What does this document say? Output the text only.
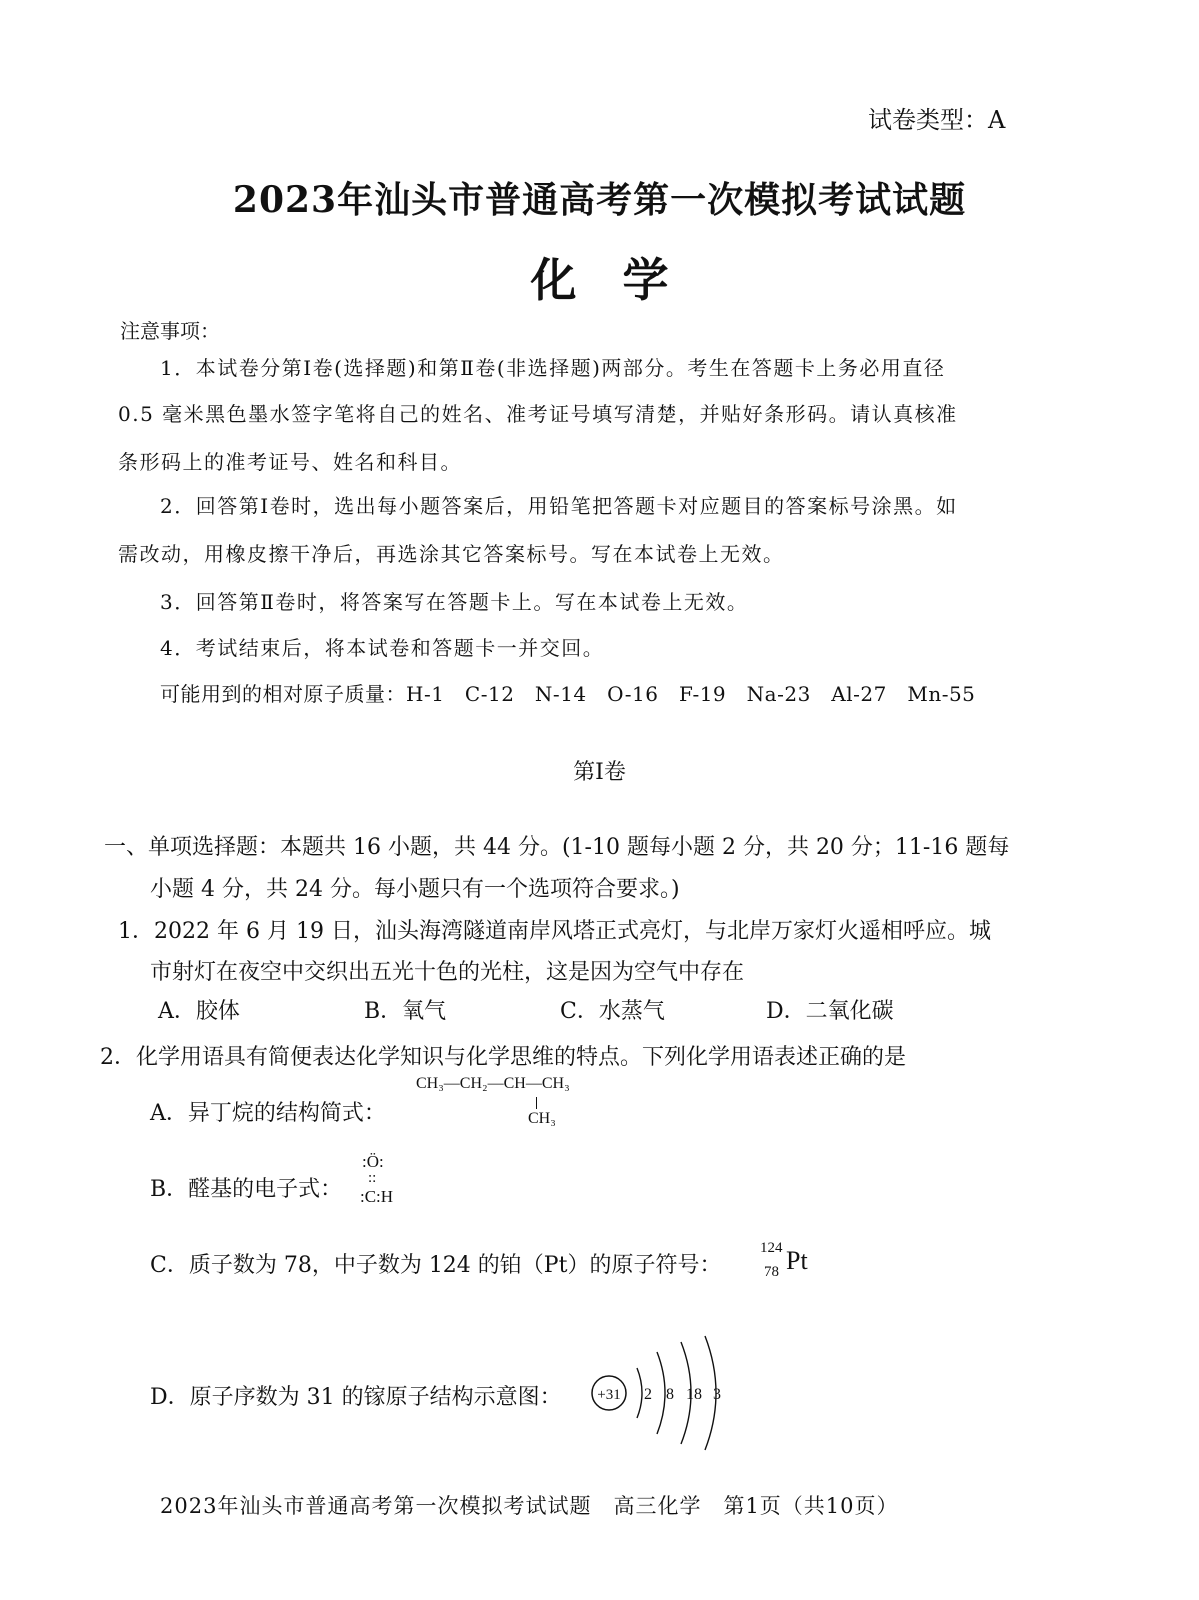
试卷类型：A
2023年汕头市普通高考第一次模拟考试试题
化　学
注意事项：
1．本试卷分第Ⅰ卷(选择题)和第Ⅱ卷(非选择题)两部分。考生在答题卡上务必用直径
0.5 毫米黑色墨水签字笔将自己的姓名、准考证号填写清楚，并贴好条形码。请认真核准
条形码上的准考证号、姓名和科目。
2．回答第Ⅰ卷时，选出每小题答案后，用铅笔把答题卡对应题目的答案标号涂黑。如
需改动，用橡皮擦干净后，再选涂其它答案标号。写在本试卷上无效。
3．回答第Ⅱ卷时，将答案写在答题卡上。写在本试卷上无效。
4．考试结束后，将本试卷和答题卡一并交回。
可能用到的相对原子质量：H-1　C-12　N-14　O-16　F-19　Na-23　Al-27　Mn-55
第Ⅰ卷
一、单项选择题：本题共 16 小题，共 44 分。(1-10 题每小题 2 分，共 20 分；11-16 题每
小题 4 分，共 24 分。每小题只有一个选项符合要求。)
1．2022 年 6 月 19 日，汕头海湾隧道南岸风塔正式亮灯，与北岸万家灯火遥相呼应。城
市射灯在夜空中交织出五光十色的光柱，这是因为空气中存在
A．胶体	B．氧气	C．水蒸气	D．二氧化碳
2．化学用语具有简便表达化学知识与化学思维的特点。下列化学用语表述正确的是
A．异丁烷的结构简式：
CH₃—CH₂—CH—CH₃
CH₃
B．醛基的电子式：
:Ö:
::
:C:H
C．质子数为 78，中子数为 124 的铂（Pt）的原子符号：
124
78 Pt
D．原子序数为 31 的镓原子结构示意图： +31 2 8 18 3
2023年汕头市普通高考第一次模拟考试试题　高三化学　第1页（共10页）
